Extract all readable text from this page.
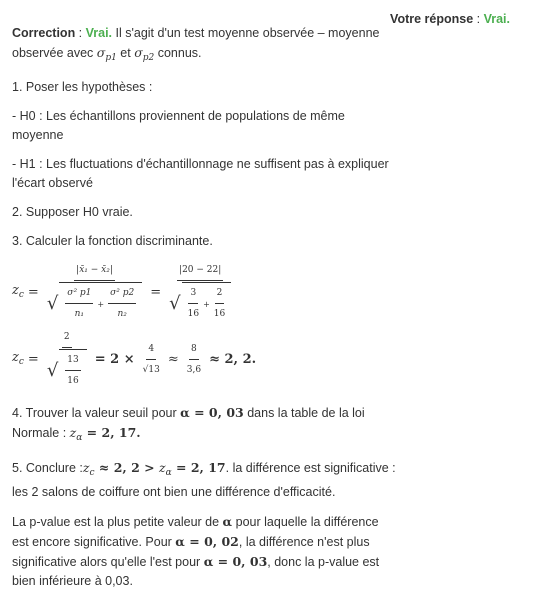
Votre réponse : Vrai.

Correction : Vrai. Il s'agit d'un test moyenne observée – moyenne observée avec $\sigma_{p1}$ et $\sigma_{p2}$ connus.

1. Poser les hypothèses :

- H0 : Les échantillons proviennent de populations de même moyenne

- H1 : Les fluctuations d'échantillonnage ne suffisent pas à expliquer l'écart observé

2. Supposer H0 vraie.

3. Calculer la fonction discriminante.

$z_c$ =
|x̄₁ − x̄₂|
√ $\frac{\text{σ² p1}}{\text{n₁}} + \frac{\text{σ² p2}}{\text{n₂}}$ =
|20 − 22|
√ $\frac{3}{16} + \frac{2}{16}$
$z_c = \frac{2}{√ \frac{13}{16}} = 2 \times \frac{4}{√13} \approx \frac{8}{3,6} \approx 2$, 2.

4. Trouver la valeur seuil pour α = 0, 03 dans la table de la loi Normale : $z_\alpha = 2$, 17.

5. Conclure $:z_c \approx 2$, $2 > z_\alpha = 2$, 17. la différence est significative : les 2 salons de coiffure ont bien une différence d'efficacité.

La p-value est la plus petite valeur de α pour laquelle la différence est encore significative. Pour α = 0, 02, la différence n'est plus significative alors qu'elle l'est pour α = 0, 03, donc la p-value est bien inférieure à 0,03.
